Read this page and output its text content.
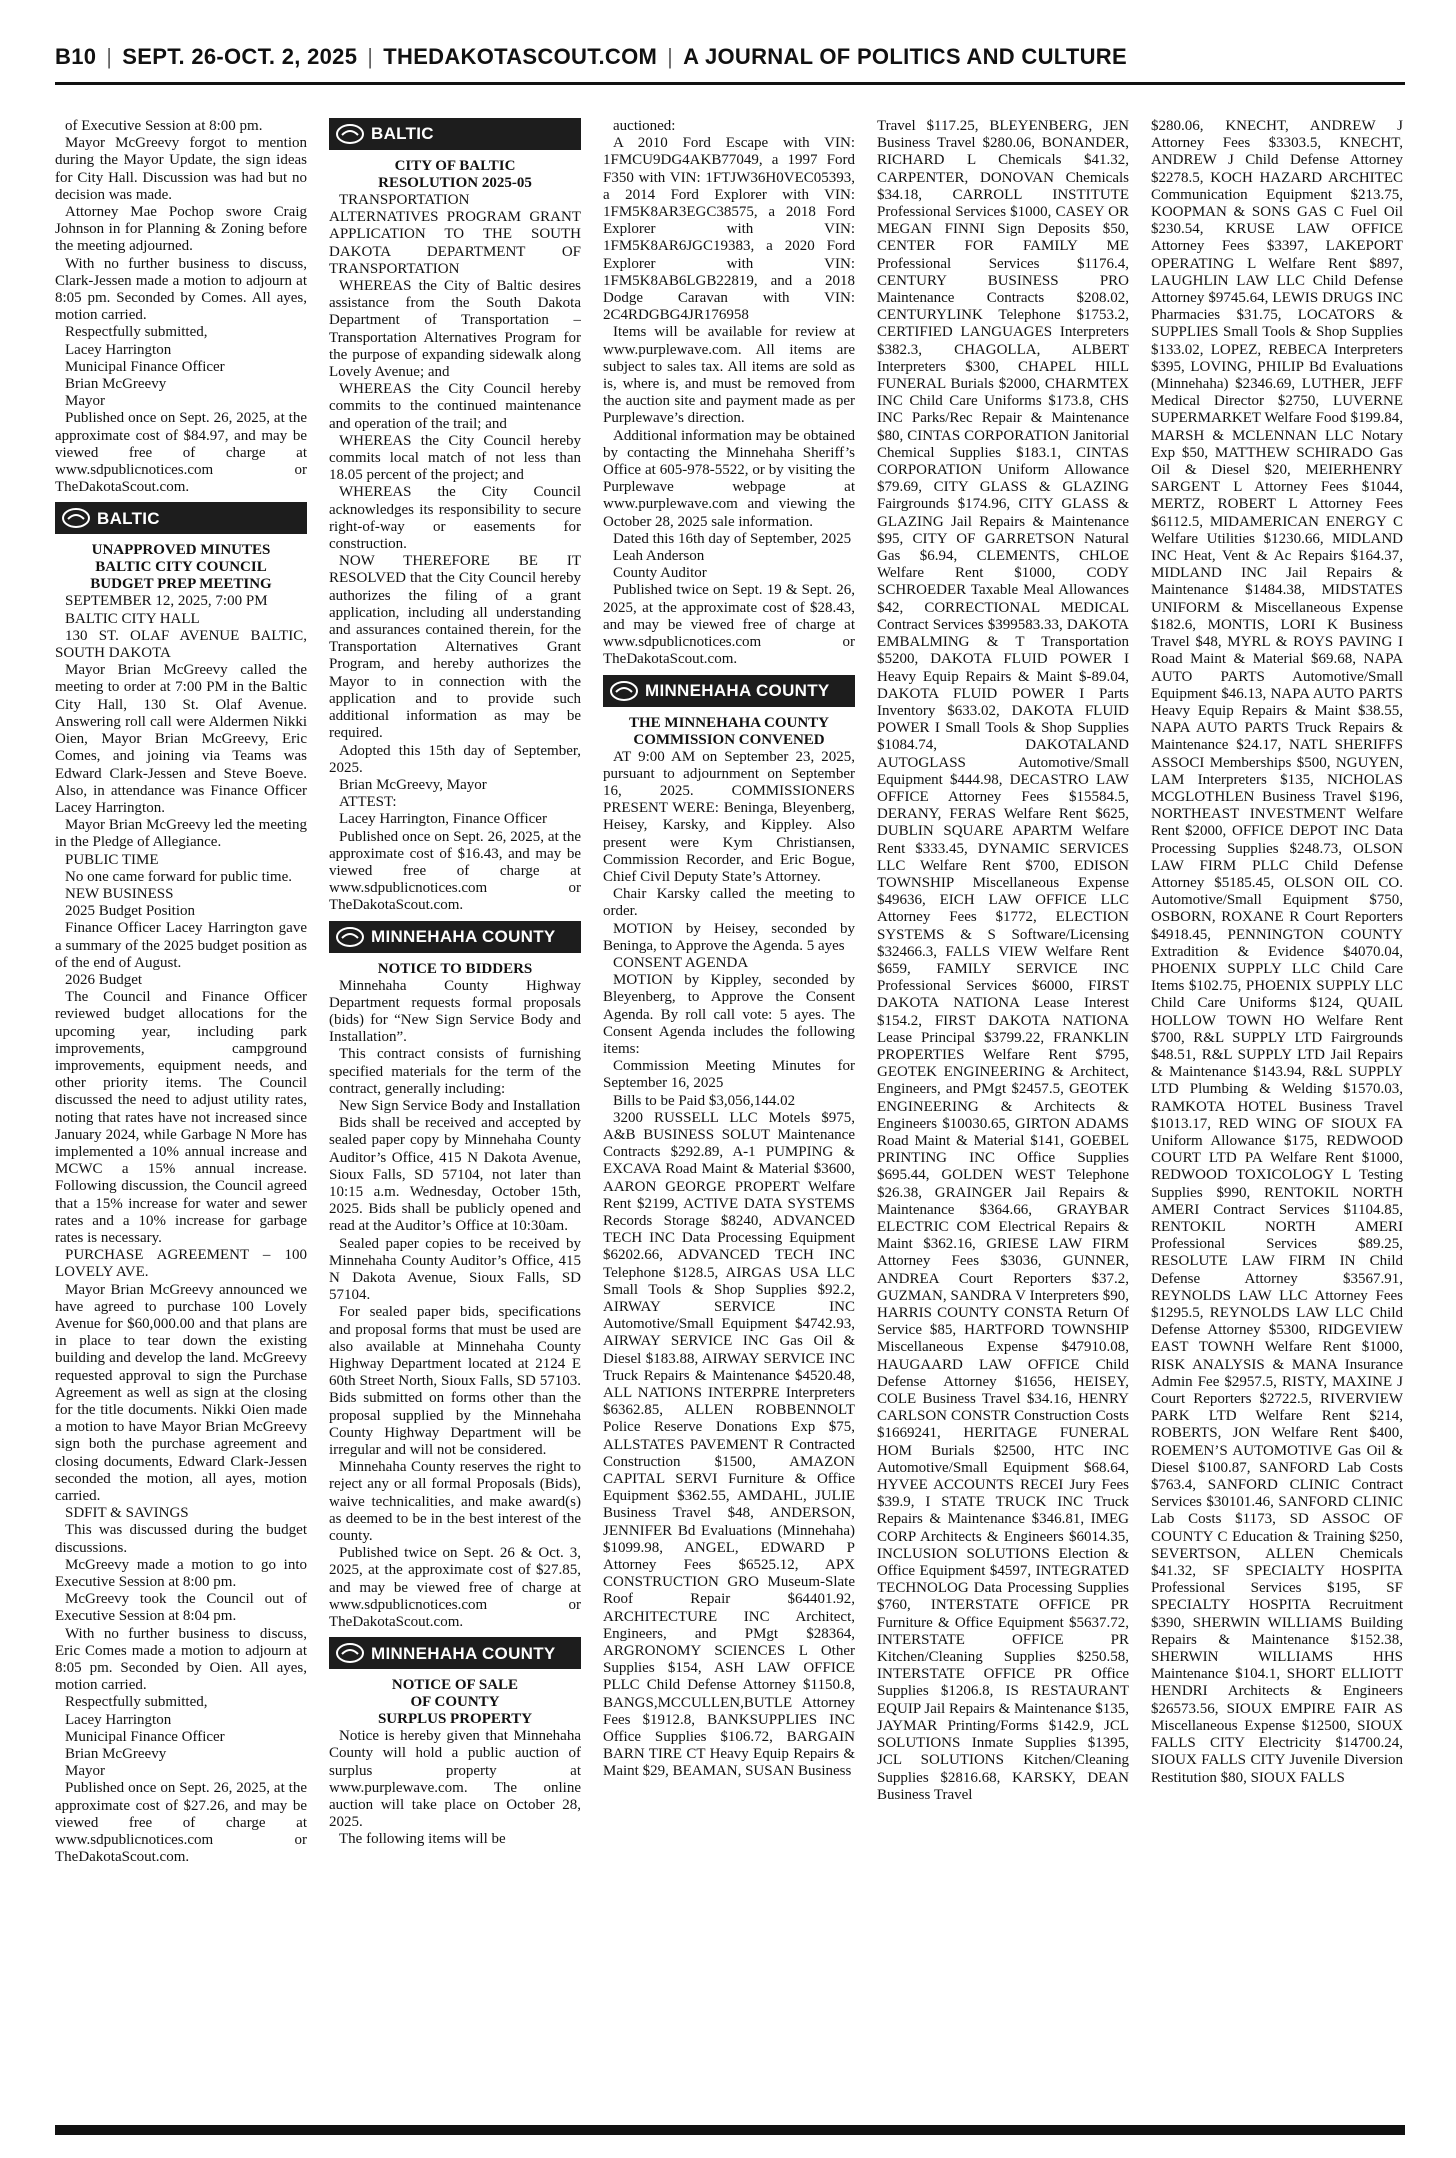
B10 | SEPT. 26-OCT. 2, 2025 | THEDAKOTASCOUT.COM | A JOURNAL OF POLITICS AND CULTURE

of Executive Session at 8:00 pm.

Mayor McGreevy forgot to mention during the Mayor Update, the sign ideas for City Hall. Discussion was had but no decision was made.

Attorney Mae Pochop swore Craig Johnson in for Planning & Zoning before the meeting adjourned.

With no further business to discuss, Clark-Jessen made a motion to adjourn at 8:05 pm. Seconded by Comes. All ayes, motion carried.

Respectfully submitted,

Lacey Harrington

Municipal Finance Officer

Brian McGreevy

Mayor

Published once on Sept. 26, 2025, at the approximate cost of $84.97, and may be viewed free of charge at www.sdpublicnotices.com or TheDakotaScout.com.

BALTIC
UNAPPROVED MINUTES
BALTIC CITY COUNCIL
BUDGET PREP MEETING

SEPTEMBER 12, 2025, 7:00 PM

BALTIC CITY HALL

130 ST. OLAF AVENUE BALTIC, SOUTH DAKOTA

Mayor Brian McGreevy called the meeting to order at 7:00 PM in the Baltic City Hall, 130 St. Olaf Avenue. Answering roll call were Aldermen Nikki Oien, Mayor Brian McGreevy, Eric Comes, and joining via Teams was Edward Clark-Jessen and Steve Boeve. Also, in attendance was Finance Officer Lacey Harrington.

Mayor Brian McGreevy led the meeting in the Pledge of Allegiance.

PUBLIC TIME

No one came forward for public time.

NEW BUSINESS

2025 Budget Position

Finance Officer Lacey Harrington gave a summary of the 2025 budget position as of the end of August.

2026 Budget

The Council and Finance Officer reviewed budget allocations for the upcoming year, including park improvements, campground improvements, equipment needs, and other priority items. The Council discussed the need to adjust utility rates, noting that rates have not increased since January 2024, while Garbage N More has implemented a 10% annual increase and MCWC a 15% annual increase. Following discussion, the Council agreed that a 15% increase for water and sewer rates and a 10% increase for garbage rates is necessary.

PURCHASE AGREEMENT – 100 LOVELY AVE.

Mayor Brian McGreevy announced we have agreed to purchase 100 Lovely Avenue for $60,000.00 and that plans are in place to tear down the existing building and develop the land. McGreevy requested approval to sign the Purchase Agreement as well as sign at the closing for the title documents. Nikki Oien made a motion to have Mayor Brian McGreevy sign both the purchase agreement and closing documents, Edward Clark-Jessen seconded the motion, all ayes, motion carried.

SDFIT & SAVINGS

This was discussed during the budget discussions.

McGreevy made a motion to go into Executive Session at 8:00 pm.

McGreevy took the Council out of Executive Session at 8:04 pm.

With no further business to discuss, Eric Comes made a motion to adjourn at 8:05 pm. Seconded by Oien. All ayes, motion carried.

Respectfully submitted,

Lacey Harrington

Municipal Finance Officer

Brian McGreevy

Mayor

Published once on Sept. 26, 2025, at the approximate cost of $27.26, and may be viewed free of charge at www.sdpublicnotices.com or TheDakotaScout.com.

BALTIC
CITY OF BALTIC
RESOLUTION 2025-05

TRANSPORTATION ALTERNATIVES PROGRAM GRANT APPLICATION TO THE SOUTH DAKOTA DEPARTMENT OF TRANSPORTATION

WHEREAS the City of Baltic desires assistance from the South Dakota Department of Transportation – Transportation Alternatives Program for the purpose of expanding sidewalk along Lovely Avenue; and

WHEREAS the City Council hereby commits to the continued maintenance and operation of the trail; and

WHEREAS the City Council hereby commits local match of not less than 18.05 percent of the project; and

WHEREAS the City Council acknowledges its responsibility to secure right-of-way or easements for construction.

NOW THEREFORE BE IT RESOLVED that the City Council hereby authorizes the filing of a grant application, including all understanding and assurances contained therein, for the Transportation Alternatives Grant Program, and hereby authorizes the Mayor to in connection with the application and to provide such additional information as may be required.

Adopted this 15th day of September, 2025.

Brian McGreevy, Mayor

ATTEST:

Lacey Harrington, Finance Officer

Published once on Sept. 26, 2025, at the approximate cost of $16.43, and may be viewed free of charge at www.sdpublicnotices.com or TheDakotaScout.com.

MINNEHAHA COUNTY
NOTICE TO BIDDERS

Minnehaha County Highway Department requests formal proposals (bids) for “New Sign Service Body and Installation”.

This contract consists of furnishing specified materials for the term of the contract, generally including:

New Sign Service Body and Installation

Bids shall be received and accepted by sealed paper copy by Minnehaha County Auditor’s Office, 415 N Dakota Avenue, Sioux Falls, SD 57104, not later than 10:15 a.m. Wednesday, October 15th, 2025. Bids shall be publicly opened and read at the Auditor’s Office at 10:30am.

Sealed paper copies to be received by Minnehaha County Auditor’s Office, 415 N Dakota Avenue, Sioux Falls, SD 57104.

For sealed paper bids, specifications and proposal forms that must be used are also available at Minnehaha County Highway Department located at 2124 E 60th Street North, Sioux Falls, SD 57103. Bids submitted on forms other than the proposal supplied by the Minnehaha County Highway Department will be irregular and will not be considered.

Minnehaha County reserves the right to reject any or all formal Proposals (Bids), waive technicalities, and make award(s) as deemed to be in the best interest of the county.

Published twice on Sept. 26 & Oct. 3, 2025, at the approximate cost of $27.85, and may be viewed free of charge at www.sdpublicnotices.com or TheDakotaScout.com.

MINNEHAHA COUNTY
NOTICE OF SALE
OF COUNTY
SURPLUS PROPERTY

Notice is hereby given that Minnehaha County will hold a public auction of surplus property at www.purplewave.com. The online auction will take place on October 28, 2025.

The following items will be

auctioned:

A 2010 Ford Escape with VIN: 1FMCU9DG4AKB77049, a 1997 Ford F350 with VIN: 1FTJW36H0VEC05393, a 2014 Ford Explorer with VIN: 1FM5K8AR3EGC38575, a 2018 Ford Explorer with VIN: 1FM5K8AR6JGC19383, a 2020 Ford Explorer with VIN: 1FM5K8AB6LGB22819, and a 2018 Dodge Caravan with VIN: 2C4RDGBG4JR176958

Items will be available for review at www.purplewave.com. All items are subject to sales tax. All items are sold as is, where is, and must be removed from the auction site and payment made as per Purplewave’s direction.

Additional information may be obtained by contacting the Minnehaha Sheriff’s Office at 605-978-5522, or by visiting the Purplewave webpage at www.purplewave.com and viewing the October 28, 2025 sale information.

Dated this 16th day of September, 2025

Leah Anderson

County Auditor

Published twice on Sept. 19 & Sept. 26, 2025, at the approximate cost of $28.43, and may be viewed free of charge at www.sdpublicnotices.com or TheDakotaScout.com.

MINNEHAHA COUNTY
THE MINNEHAHA COUNTY
COMMISSION CONVENED

AT 9:00 AM on September 23, 2025, pursuant to adjournment on September 16, 2025. COMMISSIONERS PRESENT WERE: Beninga, Bleyenberg, Heisey, Karsky, and Kippley. Also present were Kym Christiansen, Commission Recorder, and Eric Bogue, Chief Civil Deputy State’s Attorney.

Chair Karsky called the meeting to order.

MOTION by Heisey, seconded by Beninga, to Approve the Agenda. 5 ayes

CONSENT AGENDA

MOTION by Kippley, seconded by Bleyenberg, to Approve the Consent Agenda. By roll call vote: 5 ayes. The Consent Agenda includes the following items:

Commission Meeting Minutes for September 16, 2025

Bills to be Paid $3,056,144.02

3200 RUSSELL LLC Motels $975, A&B BUSINESS SOLUT Maintenance Contracts $292.89, A-1 PUMPING & EXCAVA Road Maint & Material $3600, AARON GEORGE PROPERT Welfare Rent $2199, ACTIVE DATA SYSTEMS Records Storage $8240, ADVANCED TECH INC Data Processing Equipment $6202.66, ADVANCED TECH INC Telephone $128.5, AIRGAS USA LLC Small Tools & Shop Supplies $92.2, AIRWAY SERVICE INC Automotive/Small Equipment $4742.93, AIRWAY SERVICE INC Gas Oil & Diesel $183.88, AIRWAY SERVICE INC Truck Repairs & Maintenance $4520.48, ALL NATIONS INTERPRE Interpreters $6362.85, ALLEN ROBBENNOLT Police Reserve Donations Exp $75, ALLSTATES PAVEMENT R Contracted Construction $1500, AMAZON CAPITAL SERVI Furniture & Office Equipment $362.55, AMDAHL, JULIE Business Travel $48, ANDERSON, JENNIFER Bd Evaluations (Minnehaha) $1099.98, ANGEL, EDWARD P Attorney Fees $6525.12, APX CONSTRUCTION GRO Museum-Slate Roof Repair $64401.92, ARCHITECTURE INC Architect, Engineers, and PMgt $28364, ARGRONOMY SCIENCES L Other Supplies $154, ASH LAW OFFICE PLLC Child Defense Attorney $1150.8, BANGS,MCCULLEN,BUTLE Attorney Fees $1912.8, BANKSUPPLIES INC Office Supplies $106.72, BARGAIN BARN TIRE CT Heavy Equip Repairs & Maint $29, BEAMAN, SUSAN Business

Travel $117.25, BLEYENBERG, JEN Business Travel $280.06, BONANDER, RICHARD L Chemicals $41.32, CARPENTER, DONOVAN Chemicals $34.18, CARROLL INSTITUTE Professional Services $1000, CASEY OR MEGAN FINNI Sign Deposits $50, CENTER FOR FAMILY ME Professional Services $1176.4, CENTURY BUSINESS PRO Maintenance Contracts $208.02, CENTURYLINK Telephone $1753.2, CERTIFIED LANGUAGES Interpreters $382.3, CHAGOLLA, ALBERT Interpreters $300, CHAPEL HILL FUNERAL Burials $2000, CHARMTEX INC Child Care Uniforms $173.8, CHS INC Parks/Rec Repair & Maintenance $80, CINTAS CORPORATION Janitorial Chemical Supplies $183.1, CINTAS CORPORATION Uniform Allowance $79.69, CITY GLASS & GLAZING Fairgrounds $174.96, CITY GLASS & GLAZING Jail Repairs & Maintenance $95, CITY OF GARRETSON Natural Gas $6.94, CLEMENTS, CHLOE Welfare Rent $1000, CODY SCHROEDER Taxable Meal Allowances $42, CORRECTIONAL MEDICAL Contract Services $399583.33, DAKOTA EMBALMING & T Transportation $5200, DAKOTA FLUID POWER I Heavy Equip Repairs & Maint $-89.04, DAKOTA FLUID POWER I Parts Inventory $633.02, DAKOTA FLUID POWER I Small Tools & Shop Supplies $1084.74, DAKOTALAND AUTOGLASS Automotive/Small Equipment $444.98, DECASTRO LAW OFFICE Attorney Fees $15584.5, DERANY, FERAS Welfare Rent $625, DUBLIN SQUARE APARTM Welfare Rent $333.45, DYNAMIC SERVICES LLC Welfare Rent $700, EDISON TOWNSHIP Miscellaneous Expense $49636, EICH LAW OFFICE LLC Attorney Fees $1772, ELECTION SYSTEMS & S Software/Licensing $32466.3, FALLS VIEW Welfare Rent $659, FAMILY SERVICE INC Professional Services $6000, FIRST DAKOTA NATIONA Lease Interest $154.2, FIRST DAKOTA NATIONA Lease Principal $3799.22, FRANKLIN PROPERTIES Welfare Rent $795, GEOTEK ENGINEERING & Architect, Engineers, and PMgt $2457.5, GEOTEK ENGINEERING & Architects & Engineers $10030.65, GIRTON ADAMS Road Maint & Material $141, GOEBEL PRINTING INC Office Supplies $695.44, GOLDEN WEST Telephone $26.38, GRAINGER Jail Repairs & Maintenance $364.66, GRAYBAR ELECTRIC COM Electrical Repairs & Maint $362.16, GRIESE LAW FIRM Attorney Fees $3036, GUNNER, ANDREA Court Reporters $37.2, GUZMAN, SANDRA V Interpreters $90, HARRIS COUNTY CONSTA Return Of Service $85, HARTFORD TOWNSHIP Miscellaneous Expense $47910.08, HAUGAARD LAW OFFICE Child Defense Attorney $1656, HEISEY, COLE Business Travel $34.16, HENRY CARLSON CONSTR Construction Costs $1669241, HERITAGE FUNERAL HOM Burials $2500, HTC INC Automotive/Small Equipment $68.64, HYVEE ACCOUNTS RECEI Jury Fees $39.9, I STATE TRUCK INC Truck Repairs & Maintenance $346.81, IMEG CORP Architects & Engineers $6014.35, INCLUSION SOLUTIONS Election & Office Equipment $4597, INTEGRATED TECHNOLOG Data Processing Supplies $760, INTERSTATE OFFICE PR Furniture & Office Equipment $5637.72, INTERSTATE OFFICE PR Kitchen/Cleaning Supplies $250.58, INTERSTATE OFFICE PR Office Supplies $1206.8, IS RESTAURANT EQUIP Jail Repairs & Maintenance $135, JAYMAR Printing/Forms $142.9, JCL SOLUTIONS Inmate Supplies $1395, JCL SOLUTIONS Kitchen/Cleaning Supplies $2816.68, KARSKY, DEAN Business Travel

$280.06, KNECHT, ANDREW J Attorney Fees $3303.5, KNECHT, ANDREW J Child Defense Attorney $2278.5, KOCH HAZARD ARCHITEC Communication Equipment $213.75, KOOPMAN & SONS GAS C Fuel Oil $230.54, KRUSE LAW OFFICE Attorney Fees $3397, LAKEPORT OPERATING L Welfare Rent $897, LAUGHLIN LAW LLC Child Defense Attorney $9745.64, LEWIS DRUGS INC Pharmacies $31.75, LOCATORS & SUPPLIES Small Tools & Shop Supplies $133.02, LOPEZ, REBECA Interpreters $395, LOVING, PHILIP Bd Evaluations (Minnehaha) $2346.69, LUTHER, JEFF Medical Director $2750, LUVERNE SUPERMARKET Welfare Food $199.84, MARSH & MCLENNAN LLC Notary Exp $50, MATTHEW SCHIRADO Gas Oil & Diesel $20, MEIERHENRY SARGENT L Attorney Fees $1044, MERTZ, ROBERT L Attorney Fees $6112.5, MIDAMERICAN ENERGY C Welfare Utilities $1230.66, MIDLAND INC Heat, Vent & Ac Repairs $164.37, MIDLAND INC Jail Repairs & Maintenance $1484.38, MIDSTATES UNIFORM & Miscellaneous Expense $182.6, MONTIS, LORI K Business Travel $48, MYRL & ROYS PAVING I Road Maint & Material $69.68, NAPA AUTO PARTS Automotive/Small Equipment $46.13, NAPA AUTO PARTS Heavy Equip Repairs & Maint $38.55, NAPA AUTO PARTS Truck Repairs & Maintenance $24.17, NATL SHERIFFS ASSOCI Memberships $500, NGUYEN, LAM Interpreters $135, NICHOLAS MCGLOTHLEN Business Travel $196, NORTHEAST INVESTMENT Welfare Rent $2000, OFFICE DEPOT INC Data Processing Supplies $248.73, OLSON LAW FIRM PLLC Child Defense Attorney $5185.45, OLSON OIL CO. Automotive/Small Equipment $750, OSBORN, ROXANE R Court Reporters $4918.45, PENNINGTON COUNTY Extradition & Evidence $4070.04, PHOENIX SUPPLY LLC Child Care Items $102.75, PHOENIX SUPPLY LLC Child Care Uniforms $124, QUAIL HOLLOW TOWN HO Welfare Rent $700, R&L SUPPLY LTD Fairgrounds $48.51, R&L SUPPLY LTD Jail Repairs & Maintenance $143.94, R&L SUPPLY LTD Plumbing & Welding $1570.03, RAMKOTA HOTEL Business Travel $1013.17, RED WING OF SIOUX FA Uniform Allowance $175, REDWOOD COURT LTD PA Welfare Rent $1000, REDWOOD TOXICOLOGY L Testing Supplies $990, RENTOKIL NORTH AMERI Contract Services $1104.85, RENTOKIL NORTH AMERI Professional Services $89.25, RESOLUTE LAW FIRM IN Child Defense Attorney $3567.91, REYNOLDS LAW LLC Attorney Fees $1295.5, REYNOLDS LAW LLC Child Defense Attorney $5300, RIDGEVIEW EAST TOWNH Welfare Rent $1000, RISK ANALYSIS & MANA Insurance Admin Fee $2957.5, RISTY, MAXINE J Court Reporters $2722.5, RIVERVIEW PARK LTD Welfare Rent $214, ROBERTS, JON Welfare Rent $400, ROEMEN’S AUTOMOTIVE Gas Oil & Diesel $100.87, SANFORD Lab Costs $763.4, SANFORD CLINIC Contract Services $30101.46, SANFORD CLINIC Lab Costs $1173, SD ASSOC OF COUNTY C Education & Training $250, SEVERTSON, ALLEN Chemicals $41.32, SF SPECIALTY HOSPITA Professional Services $195, SF SPECIALTY HOSPITA Recruitment $390, SHERWIN WILLIAMS Building Repairs & Maintenance $152.38, SHERWIN WILLIAMS HHS Maintenance $104.1, SHORT ELLIOTT HENDRI Architects & Engineers $26573.56, SIOUX EMPIRE FAIR AS Miscellaneous Expense $12500, SIOUX FALLS CITY Electricity $14700.24, SIOUX FALLS CITY Juvenile Diversion Restitution $80, SIOUX FALLS
